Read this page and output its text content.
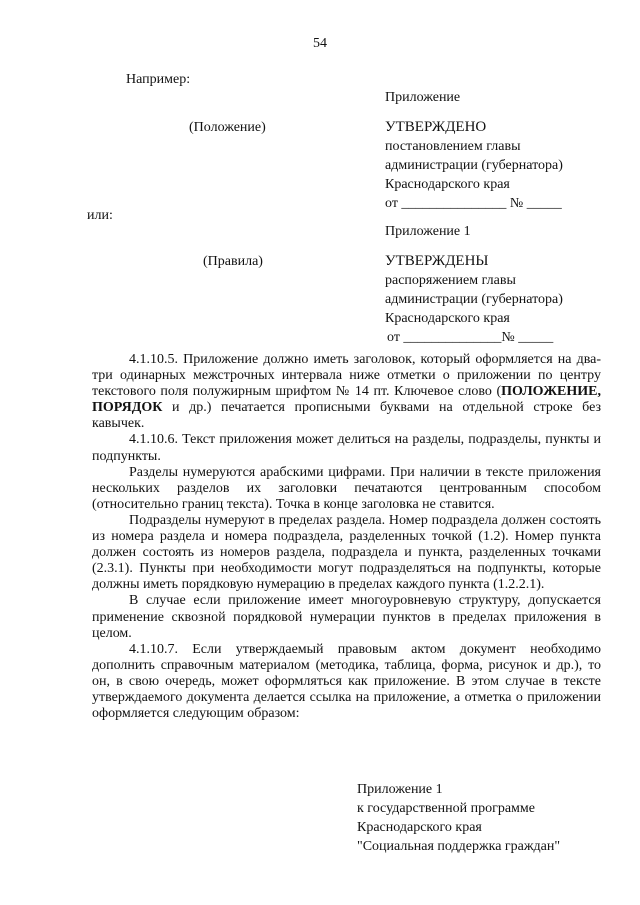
54
Например:
(Положение)
Приложение
УТВЕРЖДЕНО
постановлением главы
администрации (губернатора)
Краснодарского края
от _______________ № _____
или:
(Правила)
Приложение 1
УТВЕРЖДЕНЫ
распоряжением главы
администрации (губернатора)
Краснодарского края
от ______________№ _____

4.1.10.5. Приложение должно иметь заголовок, который оформляется на два-три одинарных межстрочных интервала ниже отметки о приложении по центру текстового поля полужирным шрифтом № 14 пт. Ключевое слово (ПОЛОЖЕНИЕ, ПОРЯДОК и др.) печатается прописными буквами на отдельной строке без кавычек.

4.1.10.6. Текст приложения может делиться на разделы, подразделы, пункты и подпункты.

Разделы нумеруются арабскими цифрами. При наличии в тексте приложения нескольких разделов их заголовки печатаются центрованным способом (относительно границ текста). Точка в конце заголовка не ставится.

Подразделы нумеруют в пределах раздела. Номер подраздела должен состоять из номера раздела и номера подраздела, разделенных точкой (1.2). Номер пункта должен состоять из номеров раздела, подраздела и пункта, разделенных точками (2.3.1). Пункты при необходимости могут подразделяться на подпункты, которые должны иметь порядковую нумерацию в пределах каждого пункта (1.2.2.1).

В случае если приложение имеет многоуровневую структуру, допускается применение сквозной порядковой нумерации пунктов в пределах приложения в целом.

4.1.10.7. Если утверждаемый правовым актом документ необходимо дополнить справочным материалом (методика, таблица, форма, рисунок и др.), то он, в свою очередь, может оформляться как приложение. В этом случае в тексте утверждаемого документа делается ссылка на приложение, а отметка о приложении оформляется следующим образом:

Приложение 1
к государственной программе
Краснодарского края
"Социальная поддержка граждан"
